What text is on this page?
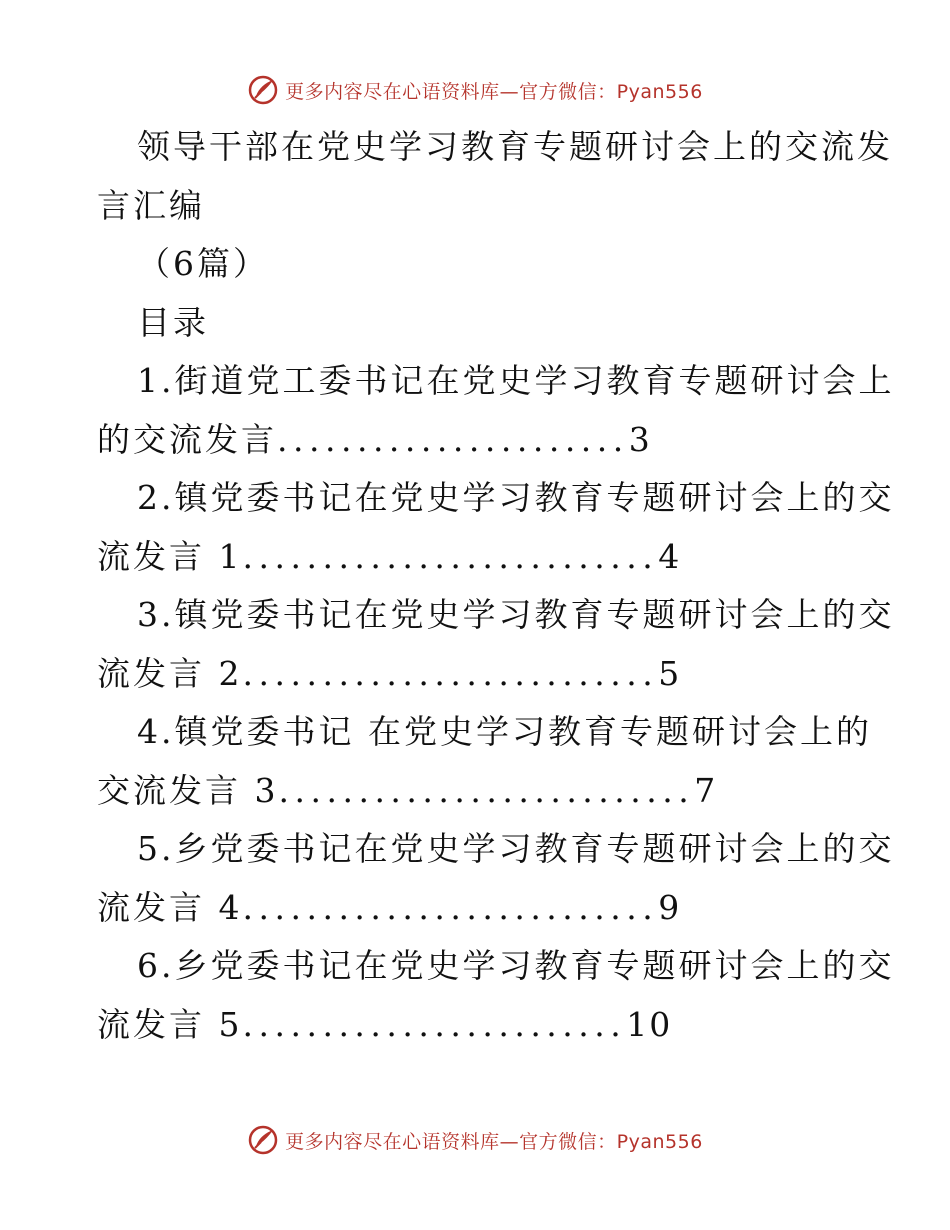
更多内容尽在心语资料库—官方微信：Pyan556
领导干部在党史学习教育专题研讨会上的交流发
言汇编
（6篇）
目录
1.街道党工委书记在党史学习教育专题研讨会上
的交流发言......................3
2.镇党委书记在党史学习教育专题研讨会上的交
流发言 1..........................4
3.镇党委书记在党史学习教育专题研讨会上的交
流发言 2..........................5
4.镇党委书记 在党史学习教育专题研讨会上的
交流发言 3..........................7
5.乡党委书记在党史学习教育专题研讨会上的交
流发言 4..........................9
6.乡党委书记在党史学习教育专题研讨会上的交
流发言 5........................10
更多内容尽在心语资料库—官方微信：Pyan556
